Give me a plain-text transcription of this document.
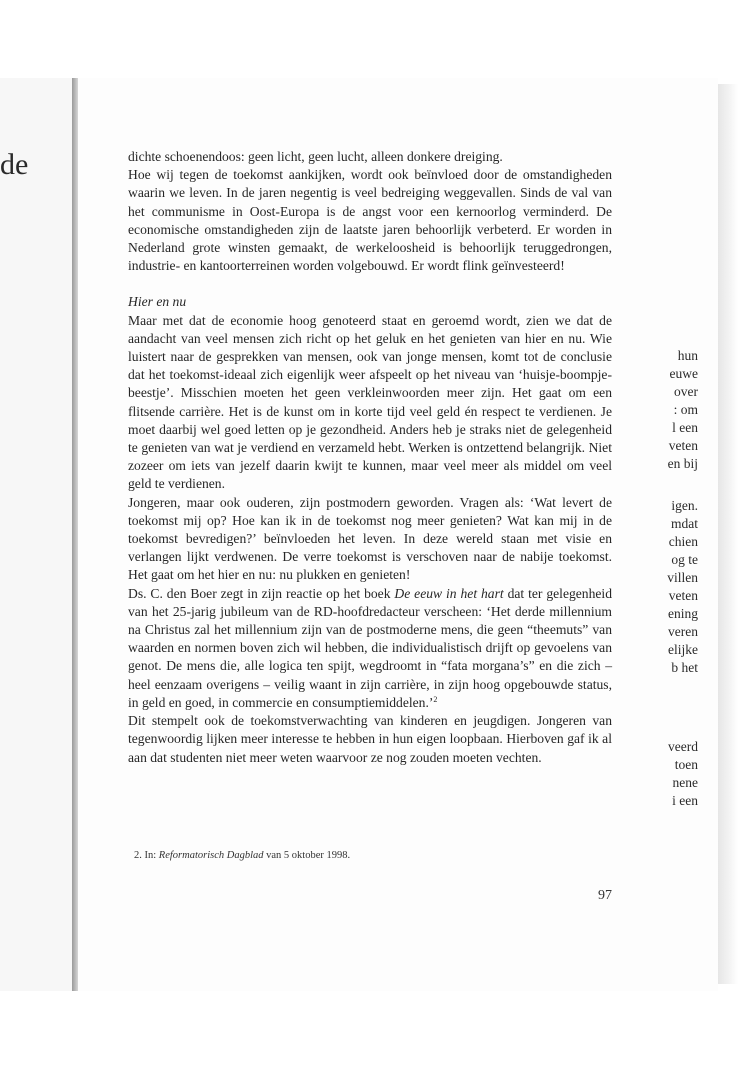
de
hun
euwe
over
: om
l een
veten
en bij
igen.
mdat
chien
og te
villen
veten
ening
veren
elijke
b het
veerd
toen
nene
i een

dichte schoenendoos: geen licht, geen lucht, alleen donkere dreiging.

Hoe wij tegen de toekomst aankijken, wordt ook beïnvloed door de omstandigheden waarin we leven. In de jaren negentig is veel bedreiging weggevallen. Sinds de val van het communisme in Oost-Europa is de angst voor een kernoorlog verminderd. De economische omstandigheden zijn de laatste jaren behoorlijk verbeterd. Er worden in Nederland grote winsten gemaakt, de werkeloosheid is behoorlijk teruggedrongen, industrie- en kantoorterreinen worden volgebouwd. Er wordt flink geïnvesteerd!

Hier en nu

Maar met dat de economie hoog genoteerd staat en geroemd wordt, zien we dat de aandacht van veel mensen zich richt op het geluk en het genieten van hier en nu. Wie luistert naar de gesprekken van mensen, ook van jonge mensen, komt tot de conclusie dat het toekomst-ideaal zich eigenlijk weer afspeelt op het niveau van ‘huisje-boompje-beestje’. Misschien moeten het geen verkleinwoorden meer zijn. Het gaat om een flitsende carrière. Het is de kunst om in korte tijd veel geld én respect te verdienen. Je moet daarbij wel goed letten op je gezondheid. Anders heb je straks niet de gelegenheid te genieten van wat je verdiend en verzameld hebt. Werken is ontzettend belangrijk. Niet zozeer om iets van jezelf daarin kwijt te kunnen, maar veel meer als middel om veel geld te verdienen.

Jongeren, maar ook ouderen, zijn postmodern geworden. Vragen als: ‘Wat levert de toekomst mij op? Hoe kan ik in de toekomst nog meer genieten? Wat kan mij in de toekomst bevredigen?’ beïnvloeden het leven. In deze wereld staan met visie en verlangen lijkt verdwenen. De verre toekomst is verschoven naar de nabije toekomst. Het gaat om het hier en nu: nu plukken en genieten!

Ds. C. den Boer zegt in zijn reactie op het boek De eeuw in het hart dat ter gelegenheid van het 25-jarig jubileum van de RD-hoofdredacteur verscheen: ‘Het derde millennium na Christus zal het millennium zijn van de postmoderne mens, die geen “theemuts” van waarden en normen boven zich wil hebben, die individualistisch drijft op gevoelens van genot. De mens die, alle logica ten spijt, wegdroomt in “fata morgana’s” en die zich – heel eenzaam overigens – veilig waant in zijn carrière, in zijn hoog opgebouwde status, in geld en goed, in commercie en consumptiemiddelen.’$^2$

Dit stempelt ook de toekomstverwachting van kinderen en jeugdigen. Jongeren van tegenwoordig lijken meer interesse te hebben in hun eigen loopbaan. Hierboven gaf ik al aan dat studenten niet meer weten waarvoor ze nog zouden moeten vechten.

2. In: Reformatorisch Dagblad van 5 oktober 1998.
97
